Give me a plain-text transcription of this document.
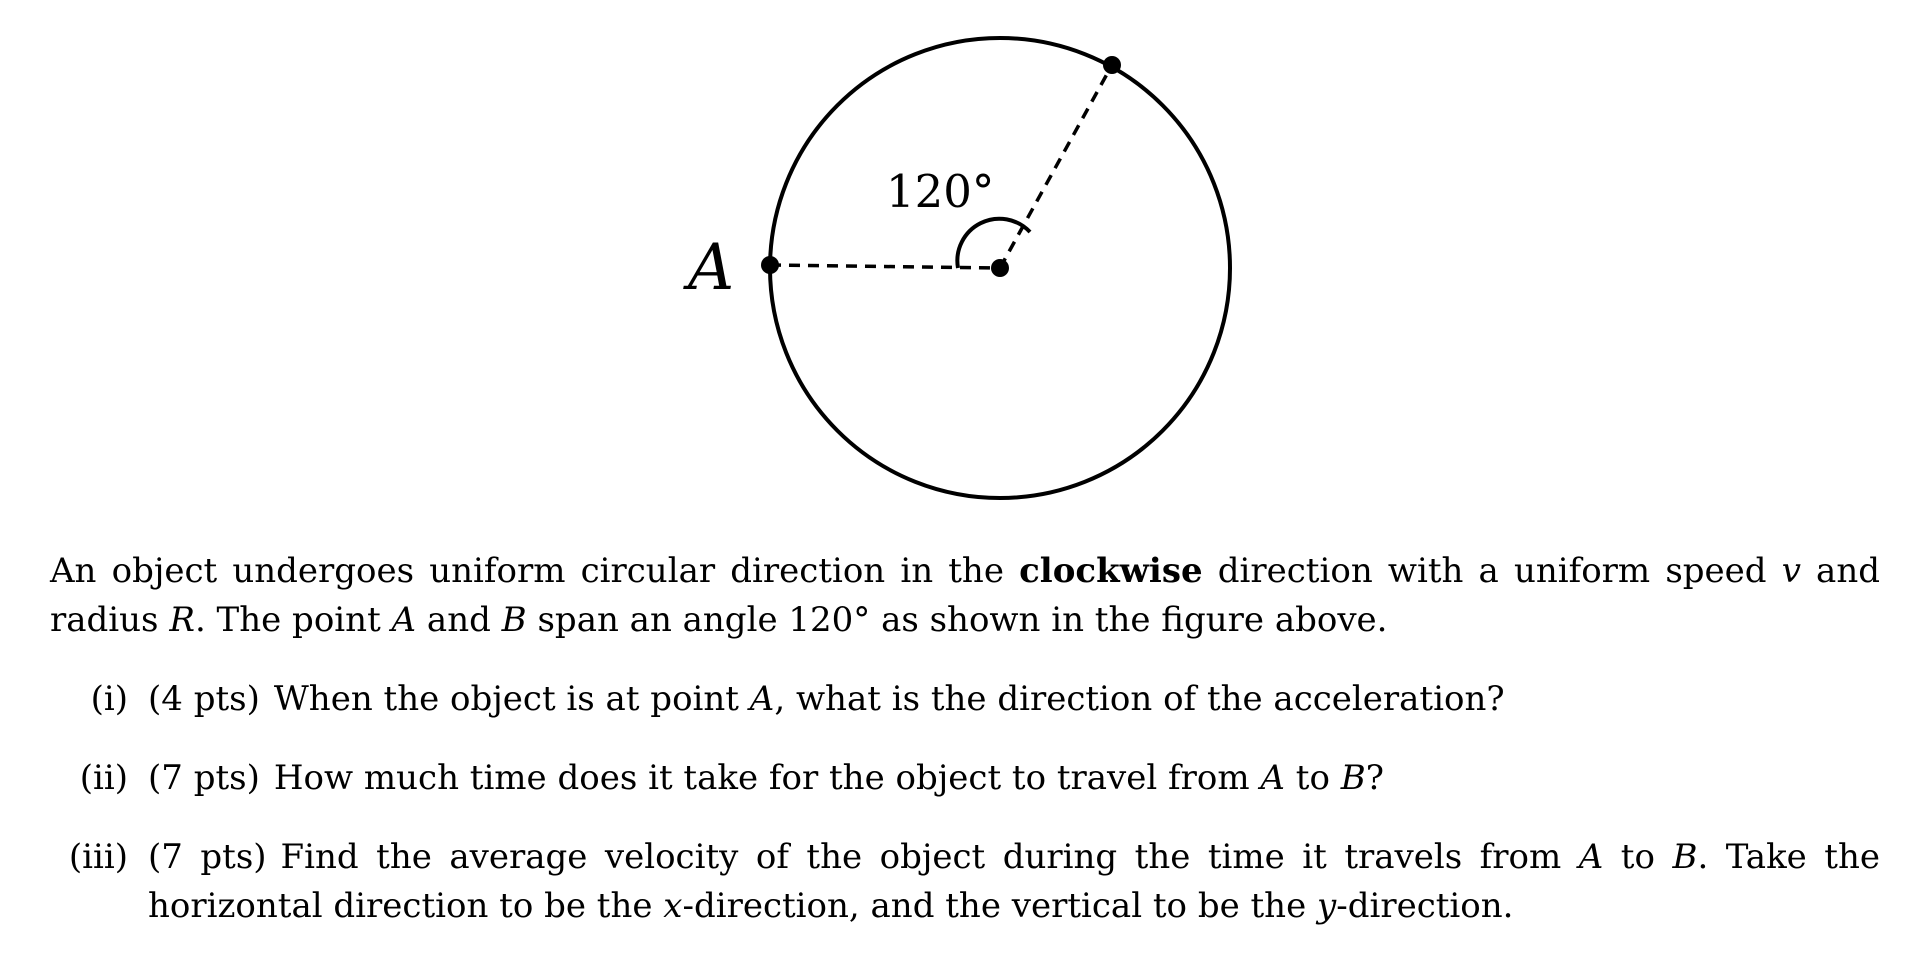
120°
A

An object undergoes uniform circular direction in the clockwise direction with a uniform speed v and radius R. The point A and B span an angle 120° as shown in the figure above.

(i) (4 pts) When the object is at point A, what is the direction of the acceleration?
(ii) (7 pts) How much time does it take for the object to travel from A to B?
(iii) (7 pts) Find the average velocity of the object during the time it travels from A to B. Take the horizontal direction to be the x-direction, and the vertical to be the y-direction.
